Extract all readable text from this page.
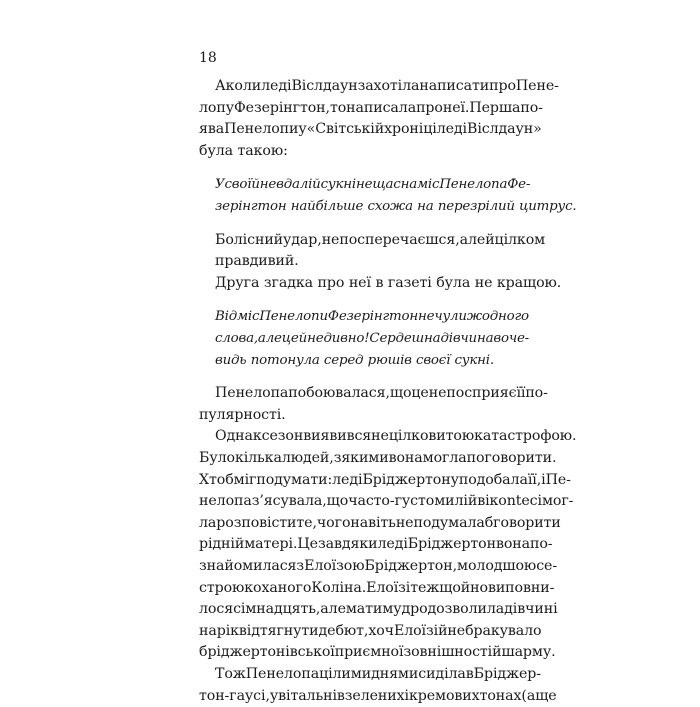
18
А коли леді Віслдаун захотіла написати про Пене-
лопу Фезерінгтон, то написала про неї. Перша по-
ява Пенелопи у «Світській хроніці леді Віслдаун»
була такою:
У своїй невдалій сукні нещасна міс Пенелопа Фе-
зерінгтон найбільше схожа на перезрілий цитрус.
Болісний удар, не посперечаєшся, але й цілком
правдивий.
Друга згадка про неї в газеті була не кращою.
Від міс Пенелопи Фезерінгтон не чули жодного
слова, але це й не дивно! Сердешна дівчина воче-
видь потонула серед рюшів своєї сукні.
Пенелопа побоювалася, що це не посприяє її по-
пулярності.
Однак сезон виявився не цілковитою катастрофою.
Було кілька людей, з якими вона могла поговорити.
Хто б міг подумати: леді Бріджертон уподобала її, і Пе-
нелопа з’ясувала, що часто-густо милій вікontесі мог-
ла розповісти те, чого навіть не подумала б говорити
рідній матері. Це завдяки леді Бріджертон вона по-
знайомилася з Елоїзою Бріджертон, молодшою се-
строю коханого Коліна. Елоїзі теж щойно виповни-
лося сімнадцять, але мати мудро дозволила дівчині
на рік відтягнути дебют, хоч Елоїзі й не бракувало
бріджертонівської приємної зовнішності й шарму.
Тож Пенелопа цілими днями сиділа в Бріджер-
тон-гаусі, у вітальні в зелених і кремових тонах (а ще
